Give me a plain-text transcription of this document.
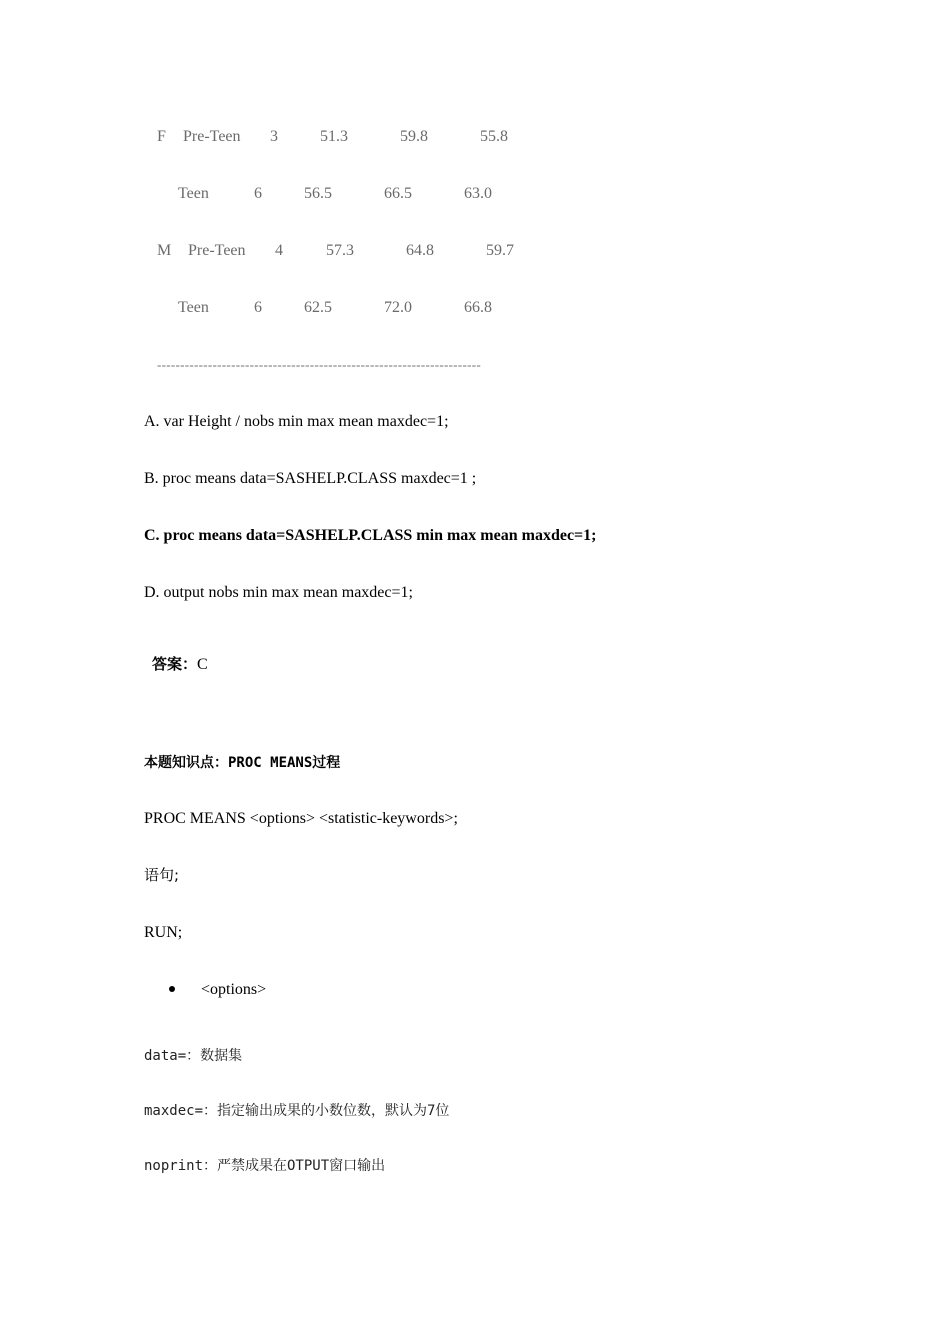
F Pre-Teen 3	51.3	59.8	55.8
Teen	6	56.5	66.5	63.0
M Pre-Teen 4	57.3	64.8	59.7
Teen	6	62.5	72.0	66.8
----------------------------------------------------------------------
A. var Height / nobs min max mean maxdec=1;
B. proc means data=SASHELP.CLASS maxdec=1 ;
C. proc means data=SASHELP.CLASS min max mean maxdec=1;
D. output nobs min max mean maxdec=1;

答案：C

本题知识点：PROC MEANS过程
PROC MEANS <options> <statistic-keywords>;
语句;
RUN;
<options>
data=：数据集
maxdec=：指定输出成果的小数位数，默认为7位
noprint：严禁成果在OTPUT窗口输出
